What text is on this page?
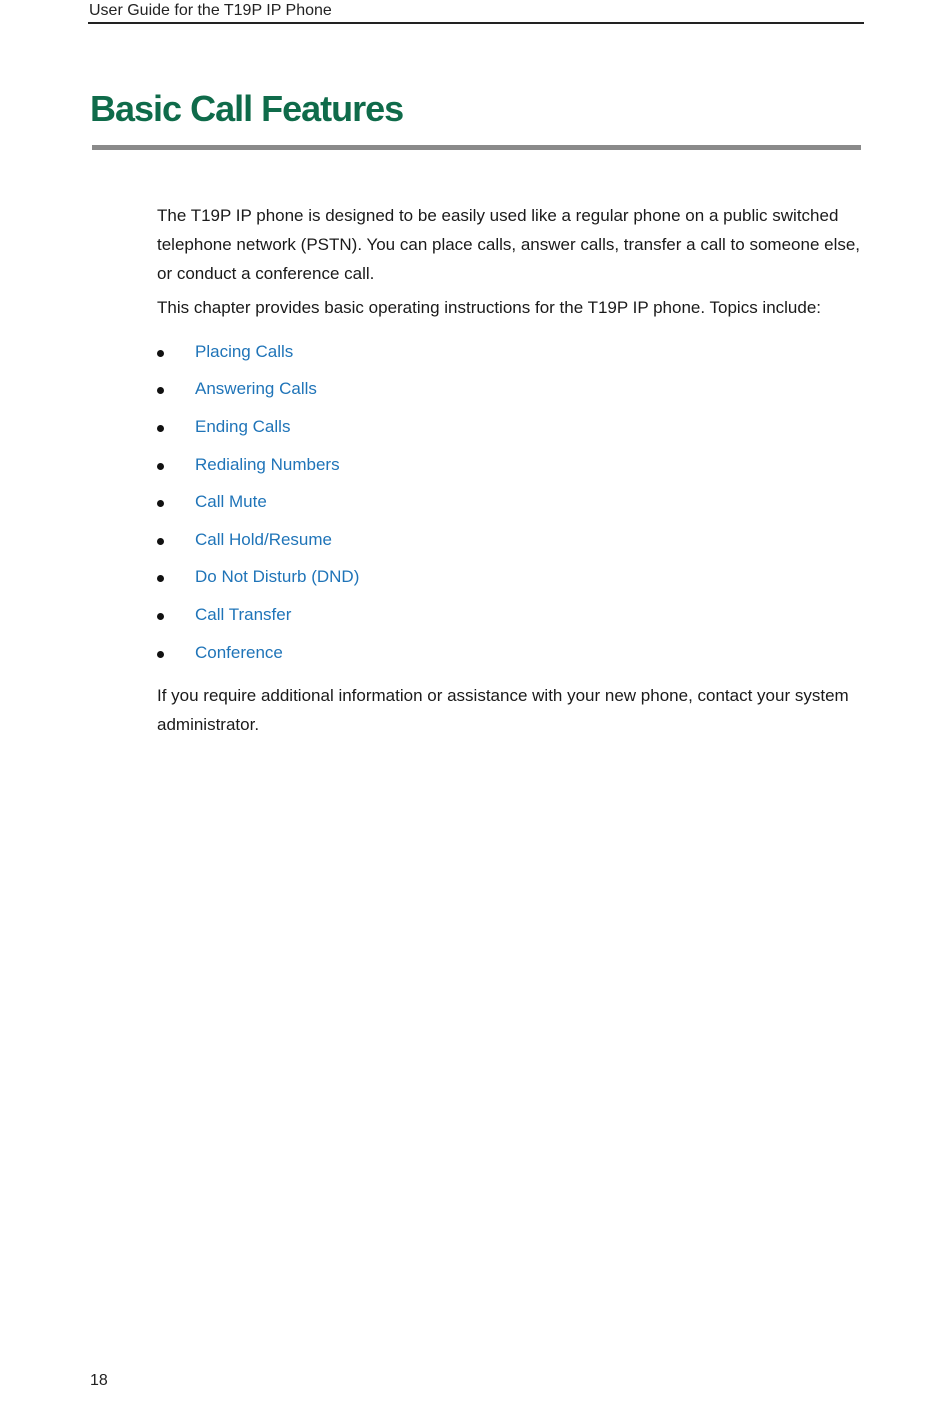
User Guide for the T19P IP Phone
Basic Call Features

The T19P IP phone is designed to be easily used like a regular phone on a public switched telephone network (PSTN). You can place calls, answer calls, transfer a call to someone else, or conduct a conference call.

This chapter provides basic operating instructions for the T19P IP phone. Topics include:

Placing Calls
Answering Calls
Ending Calls
Redialing Numbers
Call Mute
Call Hold/Resume
Do Not Disturb (DND)
Call Transfer
Conference

If you require additional information or assistance with your new phone, contact your system administrator.

18
